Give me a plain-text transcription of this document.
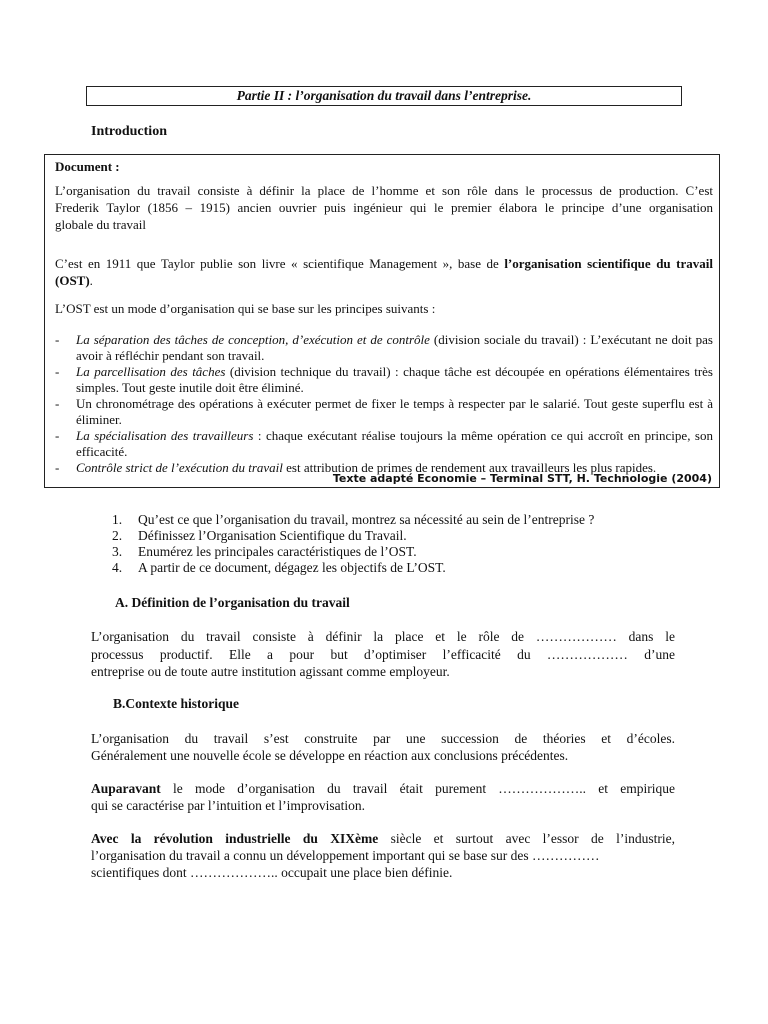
Partie II : l’organisation du travail dans l’entreprise.
Introduction
Document :
L’organisation du travail consiste à définir la place de l’homme et son rôle dans le processus de production. C’est
Frederik Taylor (1856 – 1915) ancien ouvrier puis ingénieur qui le premier élabora le principe d’une organisation
globale du travail
C’est en 1911 que Taylor publie son livre « scientifique Management », base de l’organisation scientifique du travail (OST).
L’OST est un mode d’organisation qui se base sur les principes suivants :
-	La séparation des tâches de conception, d’exécution et de contrôle (division sociale du travail) : L’exécutant ne doit pas avoir à réfléchir pendant son travail.
-	La parcellisation des tâches (division technique du travail) : chaque tâche est découpée en opérations élémentaires très simples. Tout geste inutile doit être éliminé.
-	Un chronométrage des opérations à exécuter permet de fixer le temps à respecter par le salarié. Tout geste superflu est à éliminer.
-	La spécialisation des travailleurs : chaque exécutant réalise toujours la même opération ce qui accroît en principe, son efficacité.
-	Contrôle strict de l’exécution du travail est attribution de primes de rendement aux travailleurs les plus rapides.
Texte adapté Economie – Terminal STT, H. Technologie (2004)
1.	Qu’est ce que l’organisation du travail, montrez sa nécessité au sein de l’entreprise ?
2.	Définissez l’Organisation Scientifique du Travail.
3.	Enumérez les principales caractéristiques de l’OST.
4.	A partir de ce document, dégagez les objectifs de L’OST.
A. Définition de l’organisation du travail
L’organisation du travail consiste à définir la place et le rôle de ……………… dans le
processus productif. Elle a pour but d’optimiser l’efficacité du ……………… d’une
entreprise ou de toute autre institution agissant comme employeur.
B.Contexte historique
L’organisation du travail s’est construite par une succession de théories et d’écoles.
Généralement une nouvelle école se développe en réaction aux conclusions précédentes.
Auparavant le mode d’organisation du travail était purement ……………….. et empirique
qui se caractérise par l’intuition et l’improvisation.
Avec la révolution industrielle du XIXème siècle et surtout avec l’essor de l’industrie,
l’organisation du travail a connu un développement important qui se base sur des ……………
scientifiques dont ……………….. occupait une place bien définie.
